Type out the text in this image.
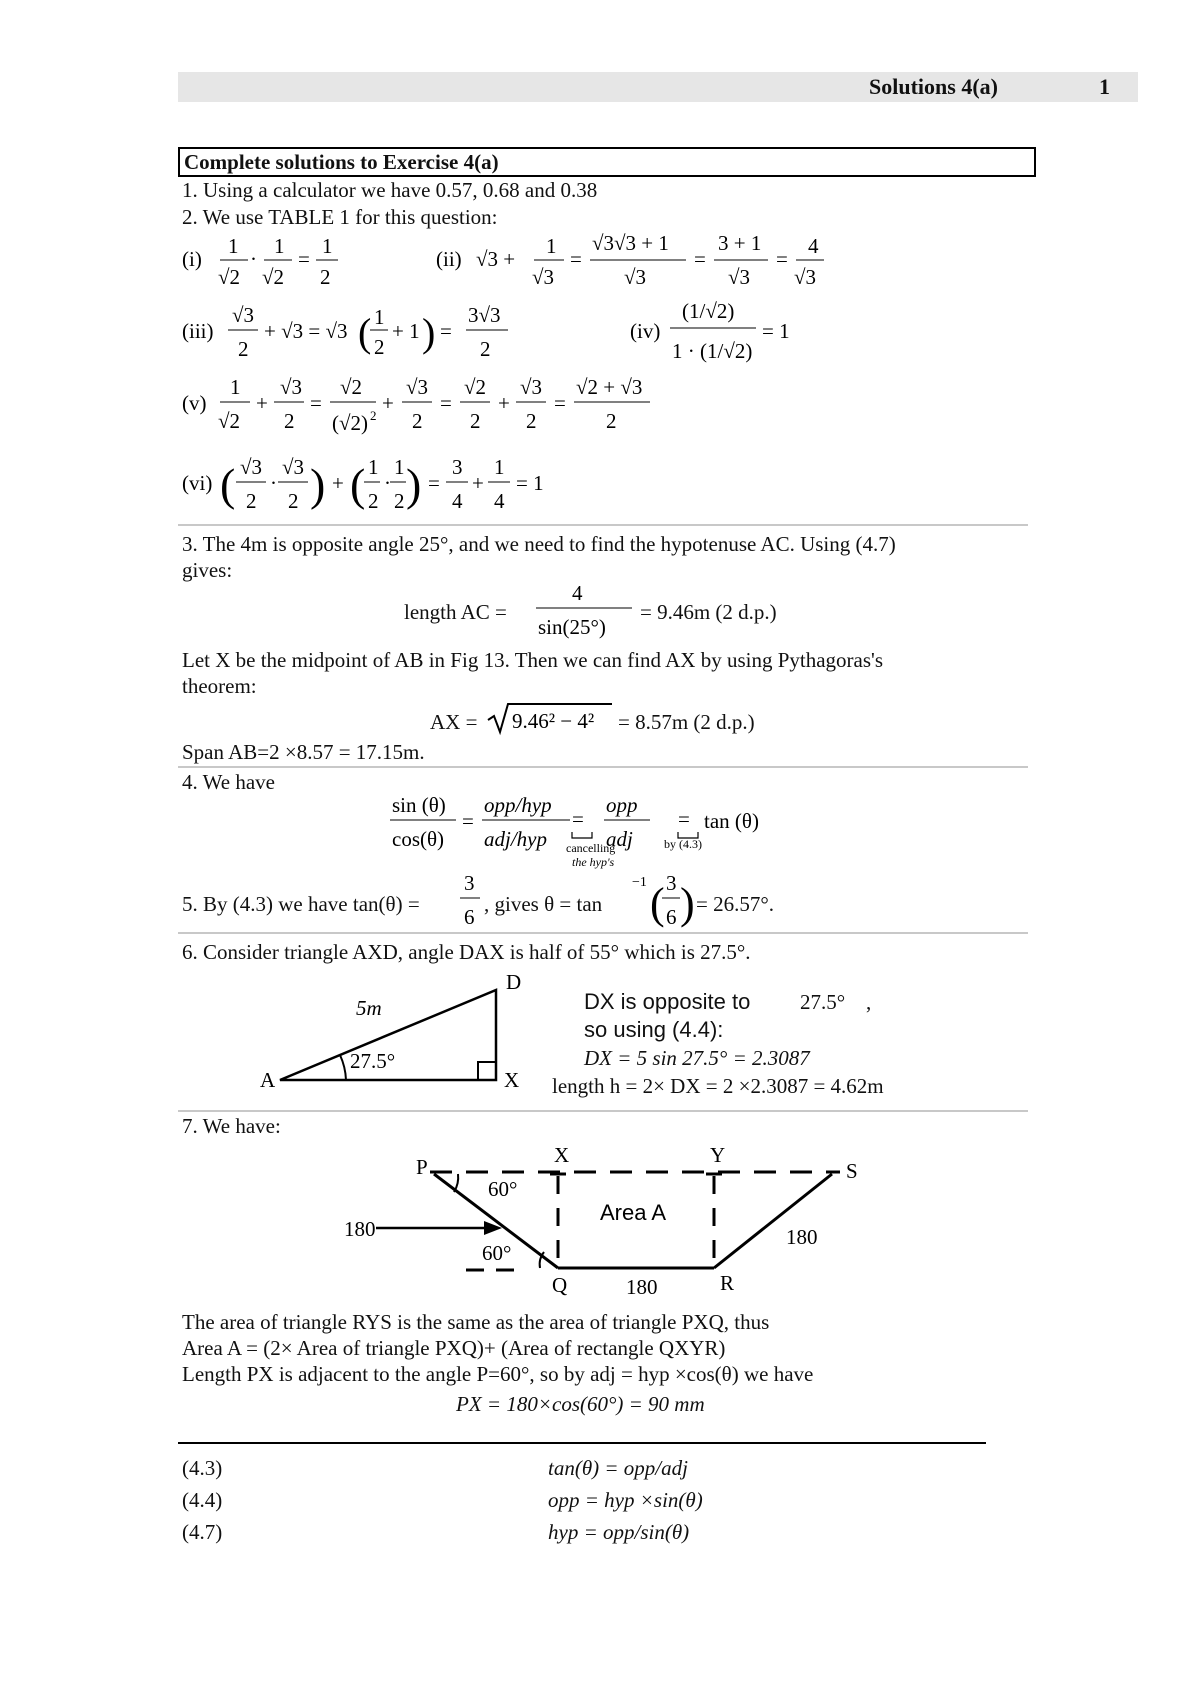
Solutions 4(a)	1
Complete solutions to Exercise 4(a)
1. Using a calculator we have 0.57, 0.68 and 0.38
2. We use TABLE 1 for this question:
(i)
1
√2
·
1
√2
=
1
2
(ii) √3 +
1
√3
=
√3√3 + 1
√3
=
3 + 1
√3
=
4
√3
(iii)
√3
2
+ √3 = √3 ( 1
2
+ 1 ) =
3√3
2
(iv)
(1/√2)
1 · (1/√2)
= 1
(v)
1
√2
+
√3
2
=
√2
(√2) 2
+
√3
2
=
√2
2
+
√3
2
=
√2 + √3
2
(vi) ( √3
2
·
√3
2 ) + ( 1
2
·
1
2 ) =
3
4
+
1
4
= 1
3. The 4m is opposite angle 25°, and we need to find the hypotenuse AC. Using (4.7)
gives:
length AC =
4
sin(25°)
= 9.46m (2 d.p.)
Let X be the midpoint of AB in Fig 13. Then we can find AX by using Pythagoras's
theorem:
AX = 9.46² − 4² = 8.57m (2 d.p.)
Span AB=2 ×8.57 = 17.15m.
4. We have
sin (θ)
cos(θ)
=
opp/hyp
adj/hyp
=
opp
adj
= tan (θ)
cancelling
the hyp's
by (4.3)
5. By (4.3) we have tan(θ) =
3
6
, gives θ = tan
−1 ( 3
6 ) = 26.57°.
6. Consider triangle AXD, angle DAX is half of 55° which is 27.5°.
D
A	X
5m
27.5°
DX is opposite to 27.5° ,
so using (4.4):
DX = 5 sin 27.5° = 2.3087
length h = 2× DX = 2 ×2.3087 = 4.62m
7. We have:
P	X	Y
S
Q	R
60°
60°
180	180
180
Area A
The area of triangle RYS is the same as the area of triangle PXQ, thus
Area A = (2× Area of triangle PXQ)+ (Area of rectangle QXYR)
Length PX is adjacent to the angle P=60°, so by adj = hyp ×cos(θ) we have
PX = 180×cos(60°) = 90 mm
(4.3)	tan(θ) = opp/adj
(4.4)	opp = hyp ×sin(θ)
(4.7)	hyp = opp/sin(θ)
